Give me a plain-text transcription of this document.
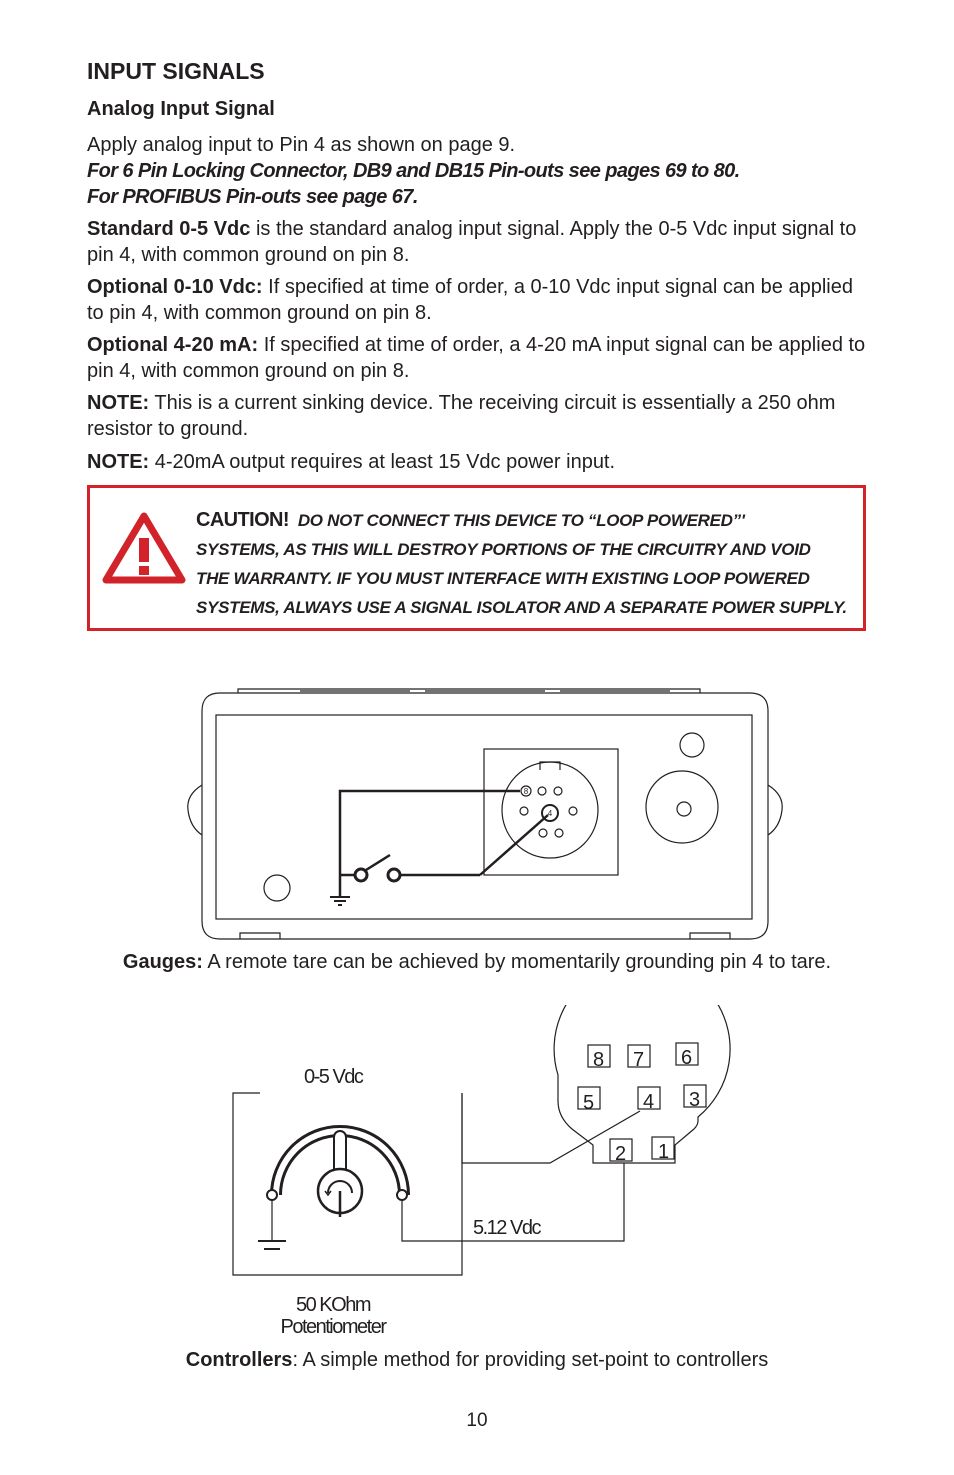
INPUT SIGNALS
Analog Input Signal
Apply analog input to Pin 4 as shown on page 9.
For 6 Pin Locking Connector, DB9 and DB15 Pin-outs see pages 69 to 80.
For PROFIBUS Pin-outs see page 67.
Standard 0-5 Vdc is the standard analog input signal. Apply the 0-5 Vdc input signal to pin 4, with common ground on pin 8.
Optional 0-10 Vdc: If specified at time of order, a 0-10 Vdc input signal can be applied to pin 4, with common ground on pin 8.
Optional 4-20 mA: If specified at time of order, a 4-20 mA input signal can be applied to pin 4, with common ground on pin 8.
NOTE: This is a current sinking device. The receiving circuit is essentially a 250 ohm resistor to ground.
NOTE: 4-20mA output requires at least 15 Vdc power input.
CAUTION! DO NOT CONNECT THIS DEVICE TO “LOOP POWERED”'
SYSTEMS, AS THIS WILL DESTROY PORTIONS OF THE CIRCUITRY AND VOID
THE WARRANTY. IF YOU MUST INTERFACE WITH EXISTING LOOP POWERED
SYSTEMS, ALWAYS USE A SIGNAL ISOLATOR AND A SEPARATE POWER SUPPLY.
8
4
Gauges: A remote tare can be achieved by momentarily grounding pin 4 to tare.
0-5 Vdc
5.12 Vdc
50 KOhm
Potentiometer
8 7 6
5 4 3
2 1
Controllers: A simple method for providing set-point to controllers
10
